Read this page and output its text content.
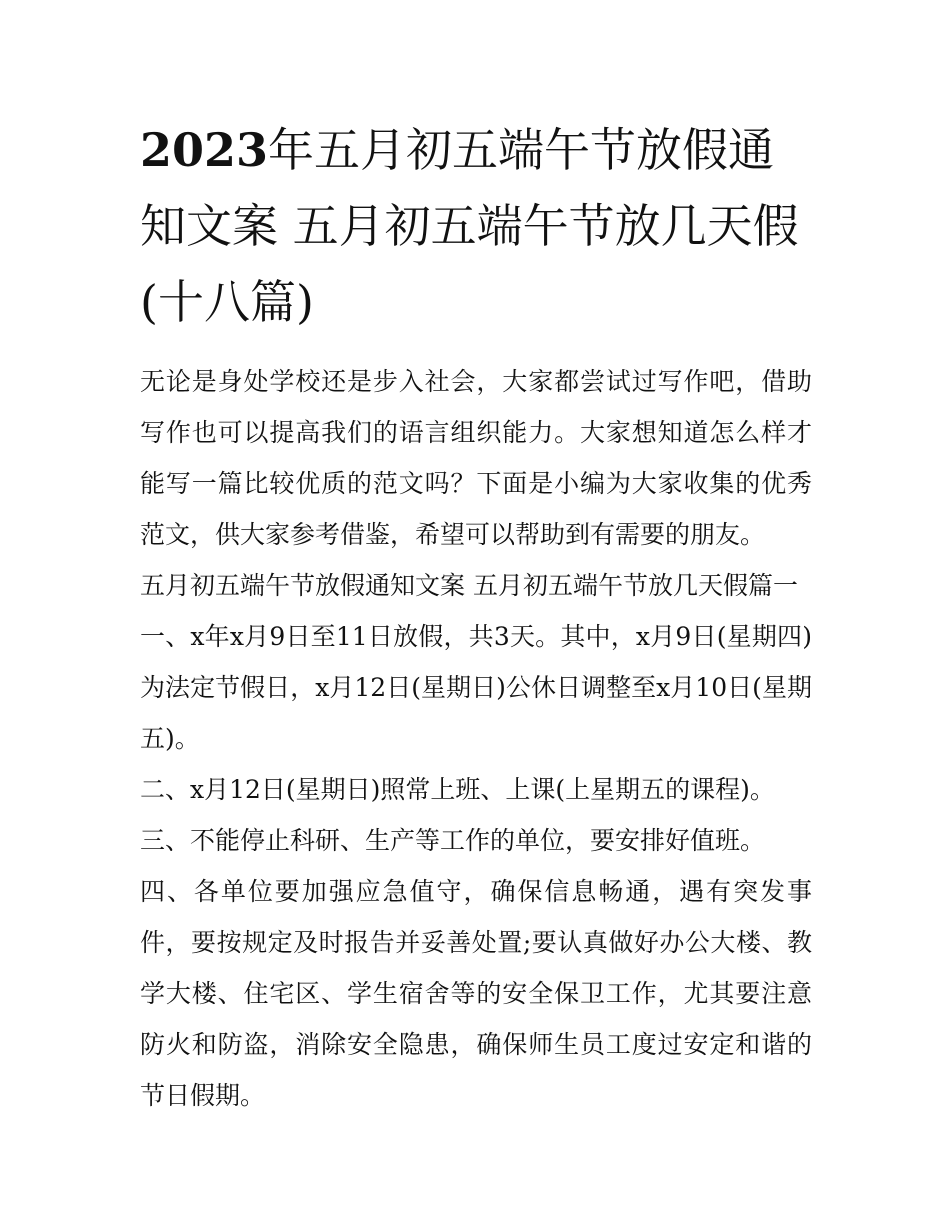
2023年五月初五端午节放假通知文案 五月初五端午节放几天假(十八篇)

无论是身处学校还是步入社会，大家都尝试过写作吧，借助写作也可以提高我们的语言组织能力。大家想知道怎么样才能写一篇比较优质的范文吗？下面是小编为大家收集的优秀范文，供大家参考借鉴，希望可以帮助到有需要的朋友。

五月初五端午节放假通知文案 五月初五端午节放几天假篇一

一、x年x月9日至11日放假，共3天。其中，x月9日(星期四)为法定节假日，x月12日(星期日)公休日调整至x月10日(星期五)。

二、x月12日(星期日)照常上班、上课(上星期五的课程)。

三、不能停止科研、生产等工作的单位，要安排好值班。

四、各单位要加强应急值守，确保信息畅通，遇有突发事件，要按规定及时报告并妥善处置;要认真做好办公大楼、教学大楼、住宅区、学生宿舍等的安全保卫工作，尤其要注意防火和防盗，消除安全隐患，确保师生员工度过安定和谐的节日假期。
